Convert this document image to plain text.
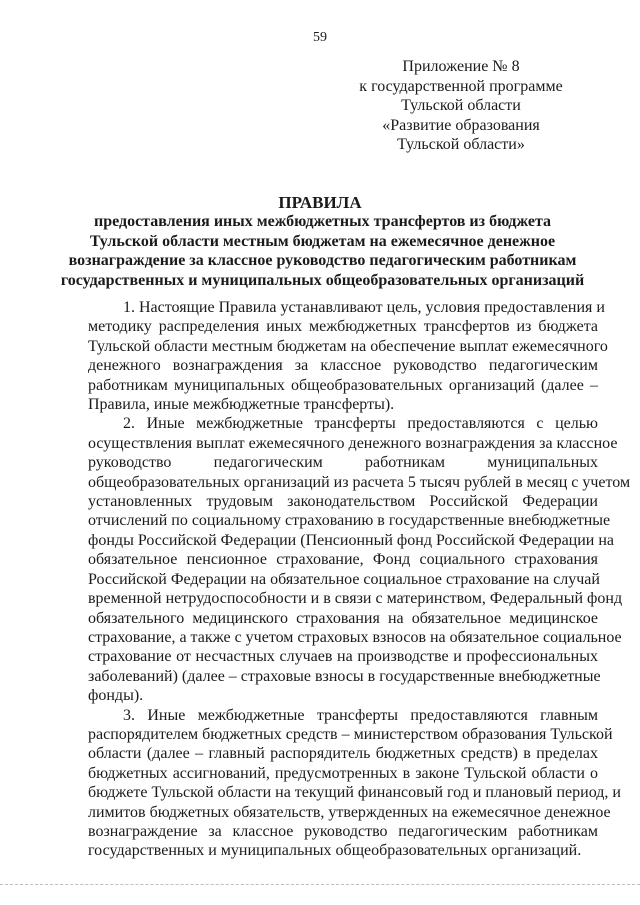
59
Приложение № 8
к государственной программе
Тульской области
«Развитие образования
Тульской области»
ПРАВИЛА
предоставления иных межбюджетных трансфертов из бюджета
Тульской области местным бюджетам на ежемесячное денежное
вознаграждение за классное руководство педагогическим работникам
государственных и муниципальных общеобразовательных организаций
1. Настоящие Правила устанавливают цель, условия предоставления и
методику распределения иных межбюджетных трансфертов из бюджета
Тульской области местным бюджетам на обеспечение выплат ежемесячного
денежного вознаграждения за классное руководство педагогическим
работникам муниципальных общеобразовательных организаций (далее –
Правила, иные межбюджетные трансферты).
2. Иные межбюджетные трансферты предоставляются с целью
осуществления выплат ежемесячного денежного вознаграждения за классное
руководство педагогическим работникам муниципальных
общеобразовательных организаций из расчета 5 тысяч рублей в месяц с учетом
установленных трудовым законодательством Российской Федерации
отчислений по социальному страхованию в государственные внебюджетные
фонды Российской Федерации (Пенсионный фонд Российской Федерации на
обязательное пенсионное страхование, Фонд социального страхования
Российской Федерации на обязательное социальное страхование на случай
временной нетрудоспособности и в связи с материнством, Федеральный фонд
обязательного медицинского страхования на обязательное медицинское
страхование, а также с учетом страховых взносов на обязательное социальное
страхование от несчастных случаев на производстве и профессиональных
заболеваний) (далее – страховые взносы в государственные внебюджетные
фонды).
3. Иные межбюджетные трансферты предоставляются главным
распорядителем бюджетных средств – министерством образования Тульской
области (далее – главный распорядитель бюджетных средств) в пределах
бюджетных ассигнований, предусмотренных в законе Тульской области о
бюджете Тульской области на текущий финансовый год и плановый период, и
лимитов бюджетных обязательств, утвержденных на ежемесячное денежное
вознаграждение за классное руководство педагогическим работникам
государственных и муниципальных общеобразовательных организаций.
